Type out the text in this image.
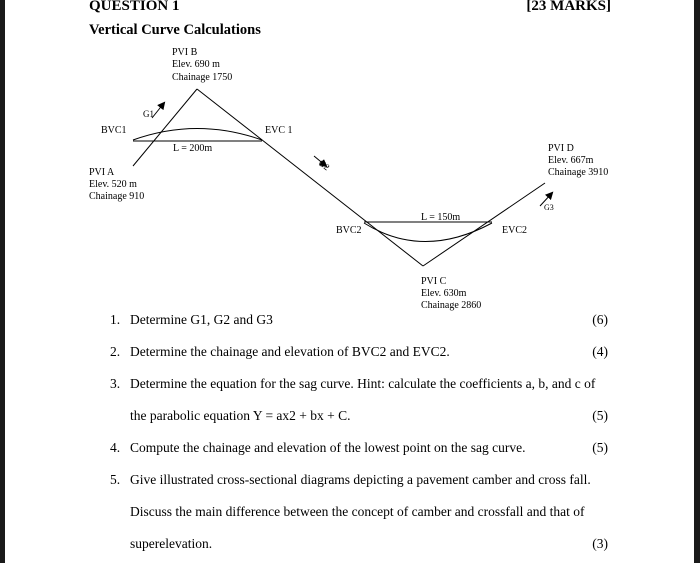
QUESTION 1	[23 MARKS]
Vertical Curve Calculations
PVI B
Elev. 690 m
Chainage 1750
G1
BVC1	EVC 1
L = 200m
PVI A
Elev. 520 m
Chainage 910
G2
PVI D
Elev. 667m
Chainage 3910
G3
L = 150m
BVC2	EVC2
PVI C
Elev. 630m
Chainage 2860
1. Determine G1, G2 and G3	(6)
2. Determine the chainage and elevation of BVC2 and EVC2.	(4)
3. Determine the equation for the sag curve. Hint: calculate the coefficients a, b, and c of
the parabolic equation Y = ax2 + bx + C.	(5)
4. Compute the chainage and elevation of the lowest point on the sag curve.	(5)
5. Give illustrated cross-sectional diagrams depicting a pavement camber and cross fall.
Discuss the main difference between the concept of camber and crossfall and that of
superelevation.	(3)
